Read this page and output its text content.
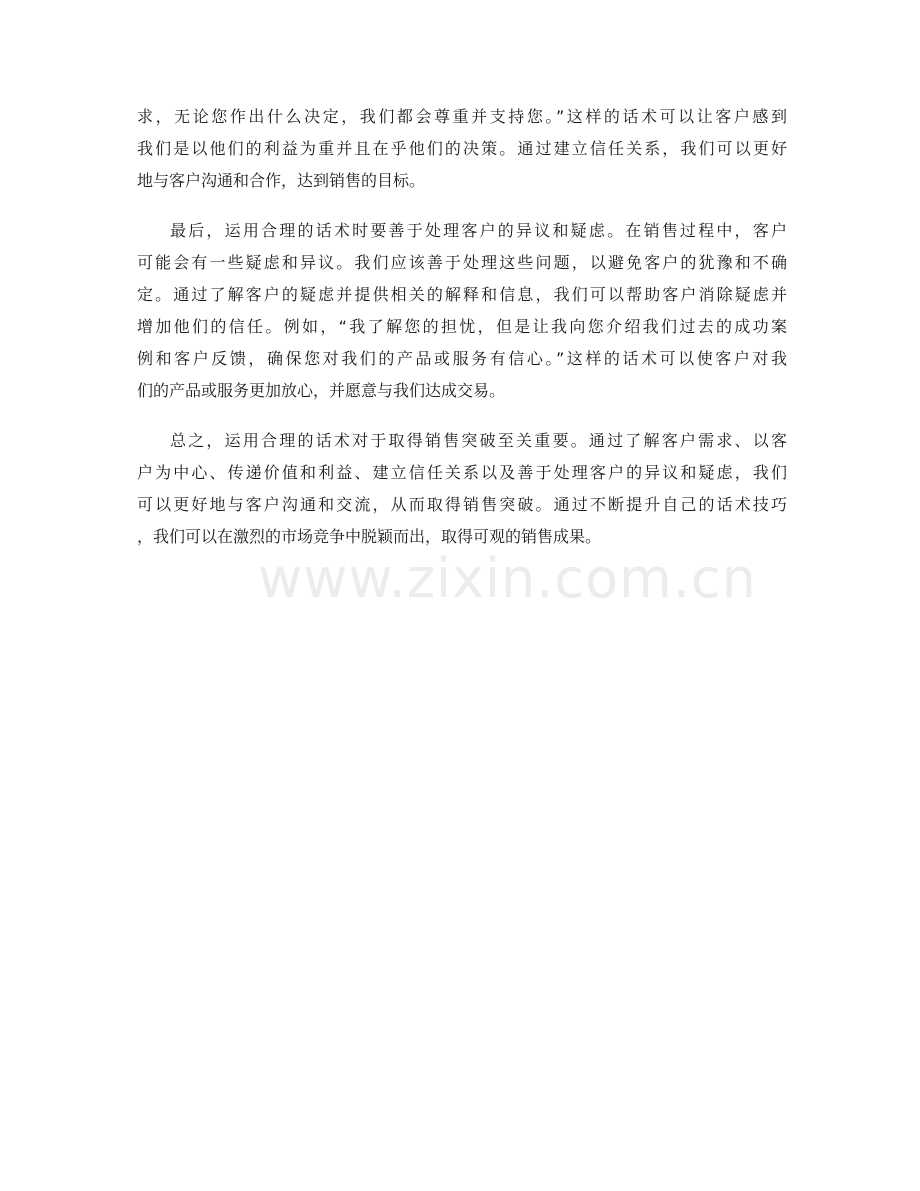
求，无论您作出什么决定，我们都会尊重并支持您。”这样的话术可以让客户感到
我们是以他们的利益为重并且在乎他们的决策。通过建立信任关系，我们可以更好
地与客户沟通和合作，达到销售的目标。
最后，运用合理的话术时要善于处理客户的异议和疑虑。在销售过程中，客户
可能会有一些疑虑和异议。我们应该善于处理这些问题，以避免客户的犹豫和不确
定。通过了解客户的疑虑并提供相关的解释和信息，我们可以帮助客户消除疑虑并
增加他们的信任。例如，“我了解您的担忧，但是让我向您介绍我们过去的成功案
例和客户反馈，确保您对我们的产品或服务有信心。”这样的话术可以使客户对我
们的产品或服务更加放心，并愿意与我们达成交易。
总之，运用合理的话术对于取得销售突破至关重要。通过了解客户需求、以客
户为中心、传递价值和利益、建立信任关系以及善于处理客户的异议和疑虑，我们
可以更好地与客户沟通和交流，从而取得销售突破。通过不断提升自己的话术技巧
，我们可以在激烈的市场竞争中脱颖而出，取得可观的销售成果。
www.zixin.com.cn
